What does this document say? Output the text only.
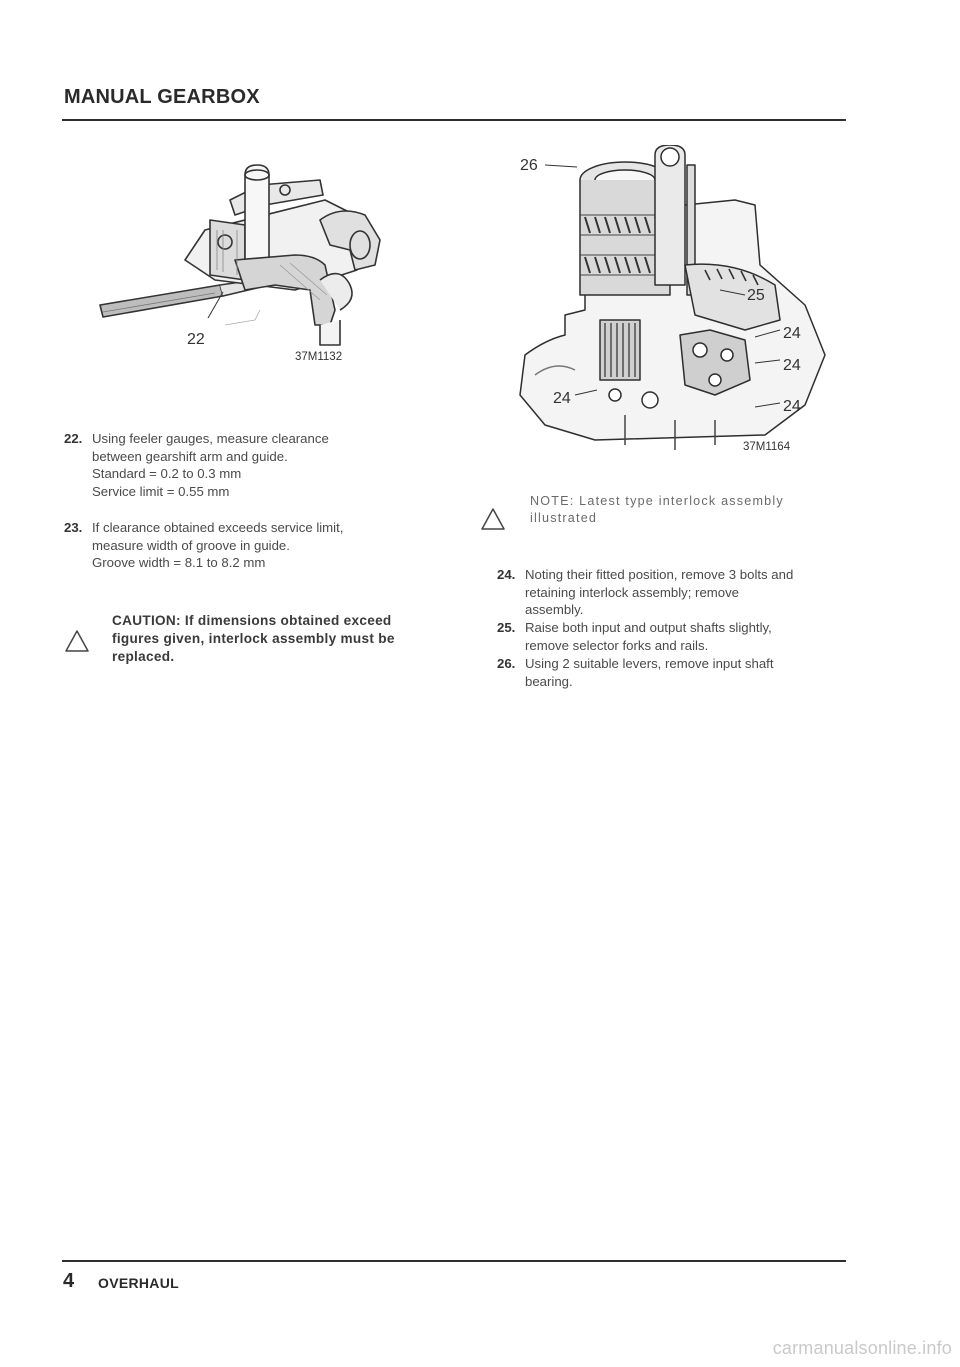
MANUAL GEARBOX
22
37M1132
26
25
24
24
24	24
37M1164
22. Using feeler gauges, measure clearance
between gearshift arm and guide.
Standard = 0.2 to 0.3 mm
Service limit = 0.55 mm
23. If clearance obtained exceeds service limit,
measure width of groove in guide.
Groove width = 8.1 to 8.2 mm
CAUTION: If dimensions obtained exceed
figures given, interlock assembly must be
replaced.
NOTE: Latest type interlock assembly
illustrated
24. Noting their fitted position, remove 3 bolts and
retaining interlock assembly; remove
assembly.
25. Raise both input and output shafts slightly,
remove selector forks and rails.
26. Using 2 suitable levers, remove input shaft
bearing.
4 OVERHAUL
carmanualsonline.info
